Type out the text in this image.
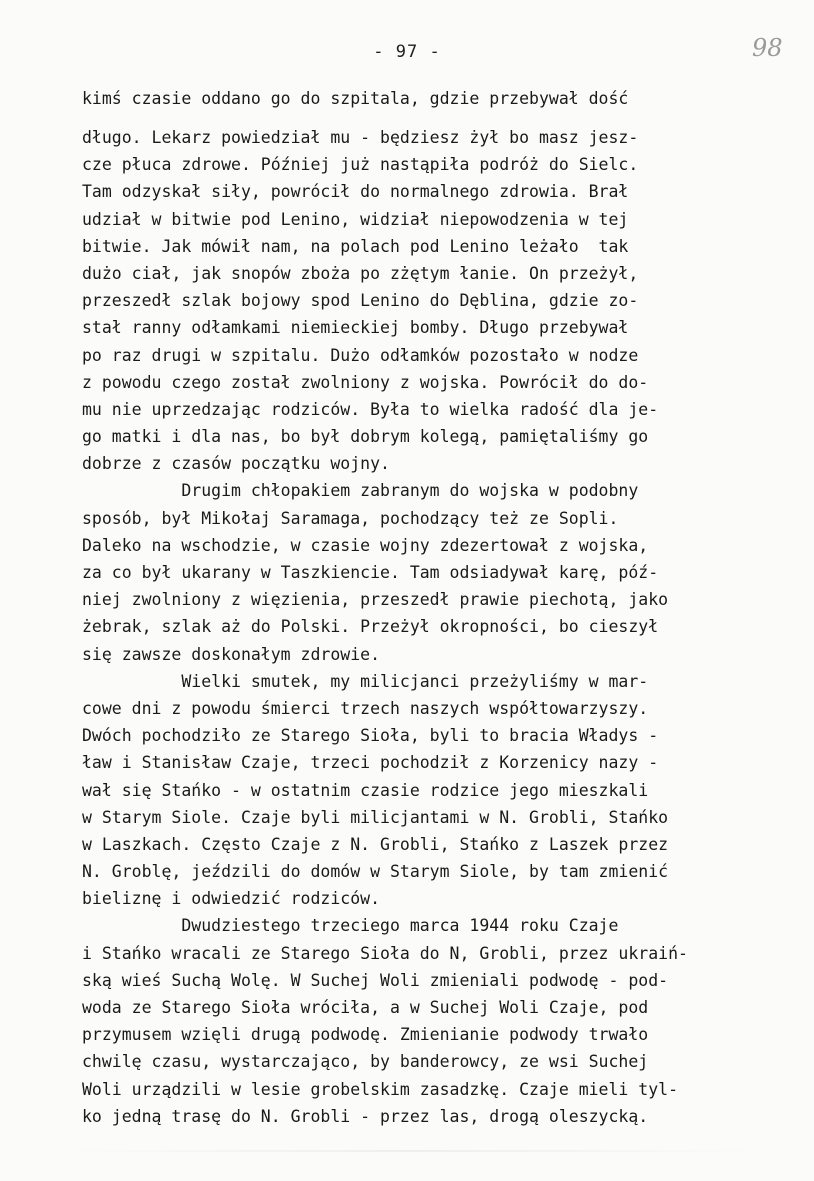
- 97 -	98
kimś czasie oddano go do szpitala, gdzie przebywał dość
długo. Lekarz powiedział mu - będziesz żył bo masz jesz-
cze płuca zdrowe. Później już nastąpiła podróż do Sielc.
Tam odzyskał siły, powrócił do normalnego zdrowia. Brał
udział w bitwie pod Lenino, widział niepowodzenia w tej
bitwie. Jak mówił nam, na polach pod Lenino leżało  tak
dużo ciał, jak snopów zboża po zżętym łanie. On przeżył,
przeszedł szlak bojowy spod Lenino do Dęblina, gdzie zo-
stał ranny odłamkami niemieckiej bomby. Długo przebywał
po raz drugi w szpitalu. Dużo odłamków pozostało w nodze
z powodu czego został zwolniony z wojska. Powrócił do do-
mu nie uprzedzając rodziców. Była to wielka radość dla je-
go matki i dla nas, bo był dobrym kolegą, pamiętaliśmy go
dobrze z czasów początku wojny.
Drugim chłopakiem zabranym do wojska w podobny
sposób, był Mikołaj Saramaga, pochodzący też ze Sopli.
Daleko na wschodzie, w czasie wojny zdezertował z wojska,
za co był ukarany w Taszkiencie. Tam odsiadywał karę, póź-
niej zwolniony z więzienia, przeszedł prawie piechotą, jako
żebrak, szlak aż do Polski. Przeżył okropności, bo cieszył
się zawsze doskonałym zdrowie.
Wielki smutek, my milicjanci przeżyliśmy w mar-
cowe dni z powodu śmierci trzech naszych współtowarzyszy.
Dwóch pochodziło ze Starego Sioła, byli to bracia Władys -
ław i Stanisław Czaje, trzeci pochodził z Korzenicy nazy -
wał się Stańko - w ostatnim czasie rodzice jego mieszkali
w Starym Siole. Czaje byli milicjantami w N. Grobli, Stańko
w Laszkach. Często Czaje z N. Grobli, Stańko z Laszek przez
N. Groblę, jeździli do domów w Starym Siole, by tam zmienić
bieliznę i odwiedzić rodziców.
Dwudziestego trzeciego marca 1944 roku Czaje
i Stańko wracali ze Starego Sioła do N, Grobli, przez ukraiń-
ską wieś Suchą Wolę. W Suchej Woli zmieniali podwodę - pod-
woda ze Starego Sioła wróciła, a w Suchej Woli Czaje, pod
przymusem wzięli drugą podwodę. Zmienianie podwody trwało
chwilę czasu, wystarczająco, by banderowcy, ze wsi Suchej
Woli urządzili w lesie grobelskim zasadzkę. Czaje mieli tyl-
ko jedną trasę do N. Grobli - przez las, drogą oleszycką.
